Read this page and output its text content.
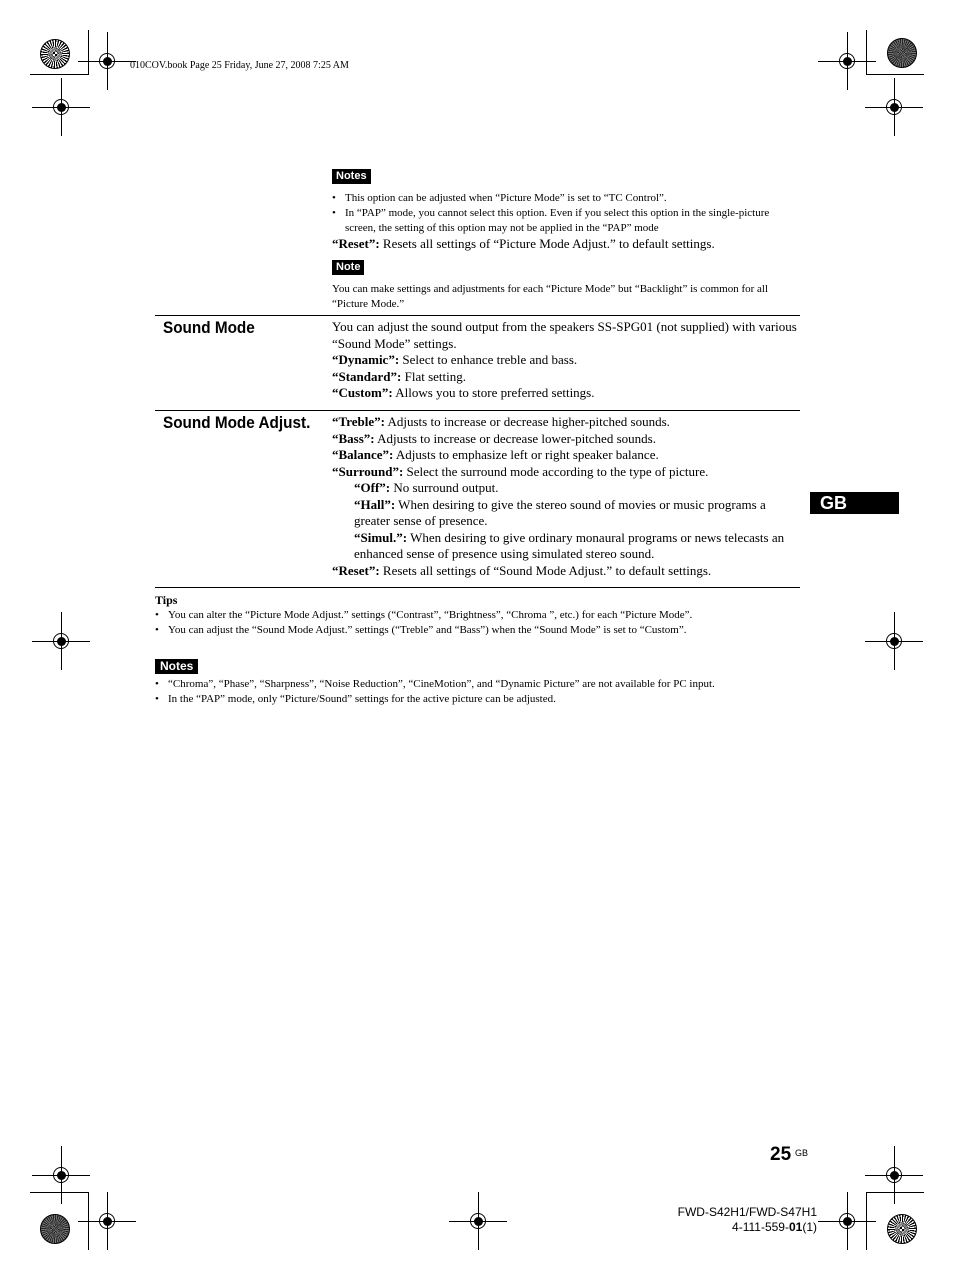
010COV.book Page 25 Friday, June 27, 2008 7:25 AM
Notes
• This option can be adjusted when “Picture Mode” is set to “TC Control”.
• In “PAP” mode, you cannot select this option. Even if you select this option in the single-picture screen, the setting of this option may not be applied in the “PAP” mode
“Reset”: Resets all settings of “Picture Mode Adjust.” to default settings.
Note
You can make settings and adjustments for each “Picture Mode” but “Backlight” is common for all “Picture Mode.”
Sound Mode	You can adjust the sound output from the speakers SS-SPG01 (not supplied) with various “Sound Mode” settings.
“Dynamic”: Select to enhance treble and bass.
“Standard”: Flat setting.
“Custom”: Allows you to store preferred settings.
Sound Mode Adjust. “Treble”: Adjusts to increase or decrease higher-pitched sounds.
“Bass”: Adjusts to increase or decrease lower-pitched sounds.
“Balance”: Adjusts to emphasize left or right speaker balance.
“Surround”: Select the surround mode according to the type of picture.
“Off”: No surround output.
“Hall”: When desiring to give the stereo sound of movies or music programs a greater sense of presence.
“Simul.”: When desiring to give ordinary monaural programs or news telecasts an enhanced sense of presence using simulated stereo sound.
“Reset”: Resets all settings of “Sound Mode Adjust.” to default settings.
Tips
• You can alter the “Picture Mode Adjust.” settings (“Contrast”, “Brightness”, “Chroma ”, etc.) for each “Picture Mode”.
• You can adjust the “Sound Mode Adjust.” settings (“Treble” and “Bass”) when the “Sound Mode” is set to “Custom”.
Notes
• “Chroma”, “Phase”, “Sharpness”, “Noise Reduction”, “CineMotion”, and “Dynamic Picture” are not available for PC input.
• In the “PAP” mode, only “Picture/Sound” settings for the active picture can be adjusted.
GB
25 GB
FWD-S42H1/FWD-S47H1
4-111-559-01(1)
